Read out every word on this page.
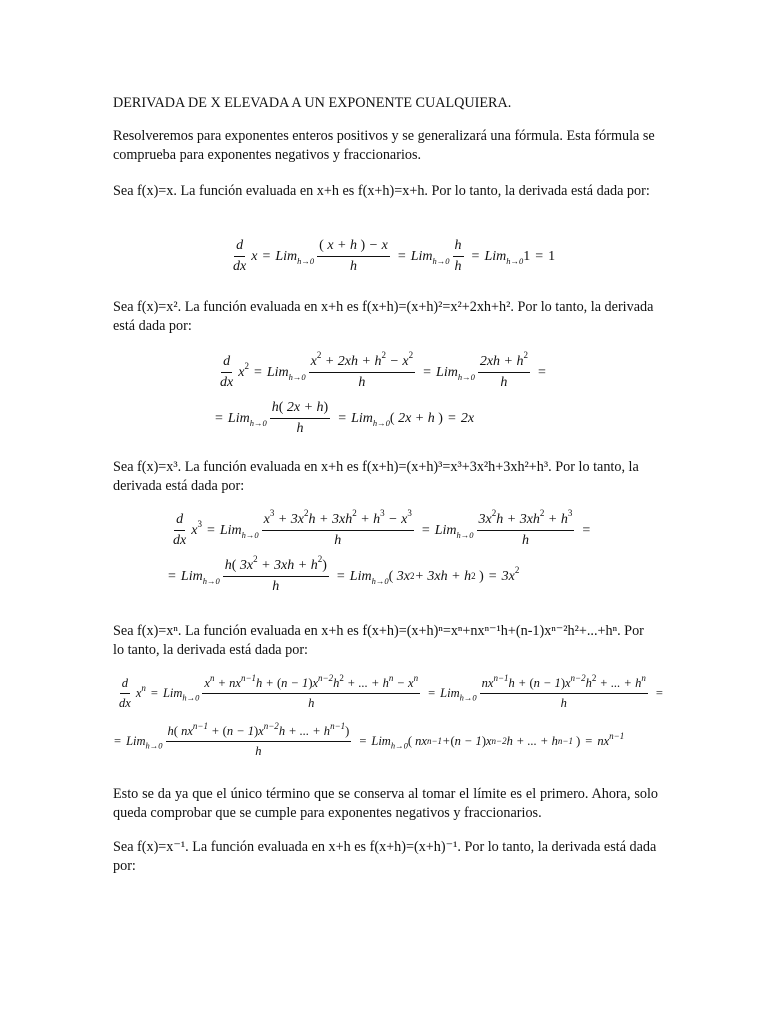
DERIVADA DE X ELEVADA A UN EXPONENTE CUALQUIERA.

Resolveremos para exponentes enteros positivos y se generalizará una fórmula. Esta fórmula se comprueba para exponentes negativos y fraccionarios.

Sea f(x)=x. La función evaluada en x+h es f(x+h)=x+h. Por lo tanto, la derivada está dada por:

$\frac{d}{dx}$ $x = Lim_{h\to 0} \frac{( x + h ) - x}{h} = Lim_{h\to 0} \frac{h}{h} = Lim_{h\to 0}$ 1 = 1

Sea f(x)=x². La función evaluada en x+h es f(x+h)=(x+h)²=x²+2xh+h². Por lo tanto, la derivada está dada por:

$\frac{d}{dx} x^2 = Lim_{h\to 0} \frac{x^2 + 2xh + h^2 - x^2}{h} = Lim_{h\to 0} \frac{2xh + h^2}{h}$ =
= $Lim_{h\to 0} \frac{h( 2x + h)}{h} = Lim_{h\to 0}$ ( 2x + h ) = 2x

Sea f(x)=x³. La función evaluada en x+h es f(x+h)=(x+h)³=x³+3x²h+3xh²+h³. Por lo tanto, la derivada está dada por:

$\frac{d}{dx} x^3 = Lim_{h\to 0} \frac{x^3 + 3x^2h + 3xh^2 + h^3 - x^3}{h} = Lim_{h\to 0} \frac{3x^2h + 3xh^2 + h^3}{h}$ =
= $Lim_{h\to 0} \frac{h( 3x^2 + 3xh + h^2)}{h} = Lim_{h\to 0}$ ( $3x^2 + 3xh + h^2$
) = $3x^2$

Sea f(x)=xⁿ. La función evaluada en x+h es f(x+h)=(x+h)ⁿ=xⁿ+nxⁿ⁻¹h+(n-1)xⁿ⁻²h²+...+hⁿ. Por lo tanto, la derivada está dada por:

$\frac{d}{dx} x^n = Lim_{h\to 0} \frac{x^n + nx^{n-1}h + (n - 1)x^{n-2}h^2 + ... + h^n - x^n}{h} = Lim_{h\to 0} \frac{nx^{n-1}h + (n - 1)x^{n-2}h^2 + ... + h^n}{h}$ =
= $Lim_{h\to 0} \frac{h( nx^{n-1} + (n - 1)x^{n-2}h + ... + h^{n-1})}{h} = Lim_{h\to 0}$ ( $nx^{n-1}$ + ( n − 1 ) $x^{n-2}$ h + ... + $h^{n-1}$
) = $nx^{n-1}$

Esto se da ya que el único término que se conserva al tomar el límite es el primero. Ahora, solo queda comprobar que se cumple para exponentes negativos y fraccionarios.

Sea f(x)=x⁻¹. La función evaluada en x+h es f(x+h)=(x+h)⁻¹. Por lo tanto, la derivada está dada por:
